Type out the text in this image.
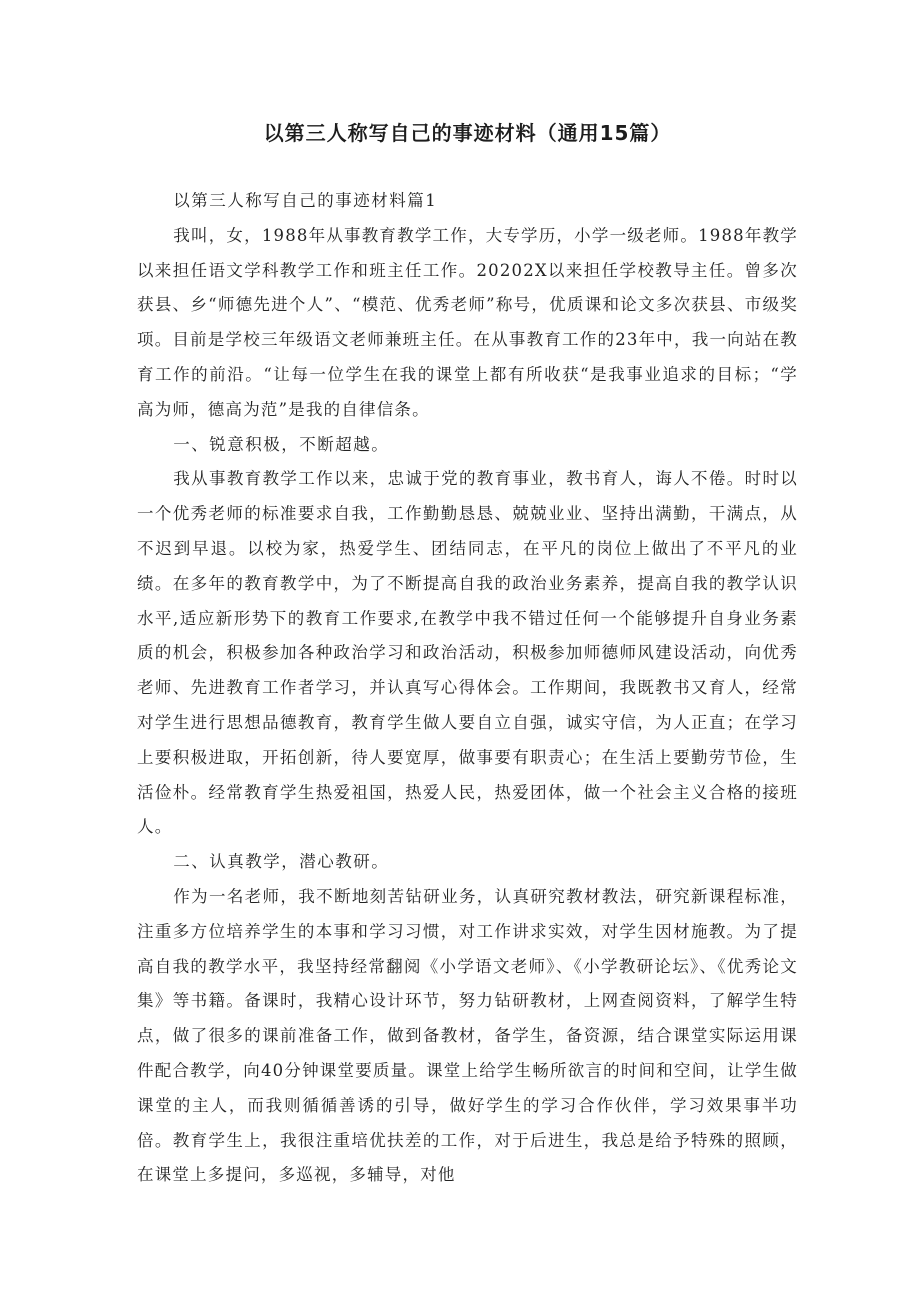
以第三人称写自己的事迹材料（通用15篇）

以第三人称写自己的事迹材料篇1

我叫，女，1988年从事教育教学工作，大专学历，小学一级老师。1988年教学以来担任语文学科教学工作和班主任工作。20202X以来担任学校教导主任。曾多次获县、乡“师德先进个人”、“模范、优秀老师”称号，优质课和论文多次获县、市级奖项。目前是学校三年级语文老师兼班主任。在从事教育工作的23年中，我一向站在教育工作的前沿。“让每一位学生在我的课堂上都有所收获“是我事业追求的目标；“学高为师，德高为范”是我的自律信条。

一、锐意积极，不断超越。

我从事教育教学工作以来，忠诚于党的教育事业，教书育人，诲人不倦。时时以一个优秀老师的标准要求自我，工作勤勤恳恳、兢兢业业、坚持出满勤，干满点，从不迟到早退。以校为家，热爱学生、团结同志，在平凡的岗位上做出了不平凡的业绩。在多年的教育教学中，为了不断提高自我的政治业务素养，提高自我的教学认识水平,适应新形势下的教育工作要求,在教学中我不错过任何一个能够提升自身业务素质的机会，积极参加各种政治学习和政治活动，积极参加师德师风建设活动，向优秀老师、先进教育工作者学习，并认真写心得体会。工作期间，我既教书又育人，经常对学生进行思想品德教育，教育学生做人要自立自强，诚实守信，为人正直；在学习上要积极进取，开拓创新，待人要宽厚，做事要有职责心；在生活上要勤劳节俭，生活俭朴。经常教育学生热爱祖国，热爱人民，热爱团体，做一个社会主义合格的接班人。

二、认真教学，潜心教研。

作为一名老师，我不断地刻苦钻研业务，认真研究教材教法，研究新课程标准，注重多方位培养学生的本事和学习习惯，对工作讲求实效，对学生因材施教。为了提高自我的教学水平，我坚持经常翻阅《小学语文老师》、《小学教研论坛》、《优秀论文集》等书籍。备课时，我精心设计环节，努力钻研教材，上网查阅资料，了解学生特点，做了很多的课前准备工作，做到备教材，备学生，备资源，结合课堂实际运用课件配合教学，向40分钟课堂要质量。课堂上给学生畅所欲言的时间和空间，让学生做课堂的主人，而我则循循善诱的引导，做好学生的学习合作伙伴，学习效果事半功倍。教育学生上，我很注重培优扶差的工作，对于后进生，我总是给予特殊的照顾，在课堂上多提问，多巡视，多辅导，对他
